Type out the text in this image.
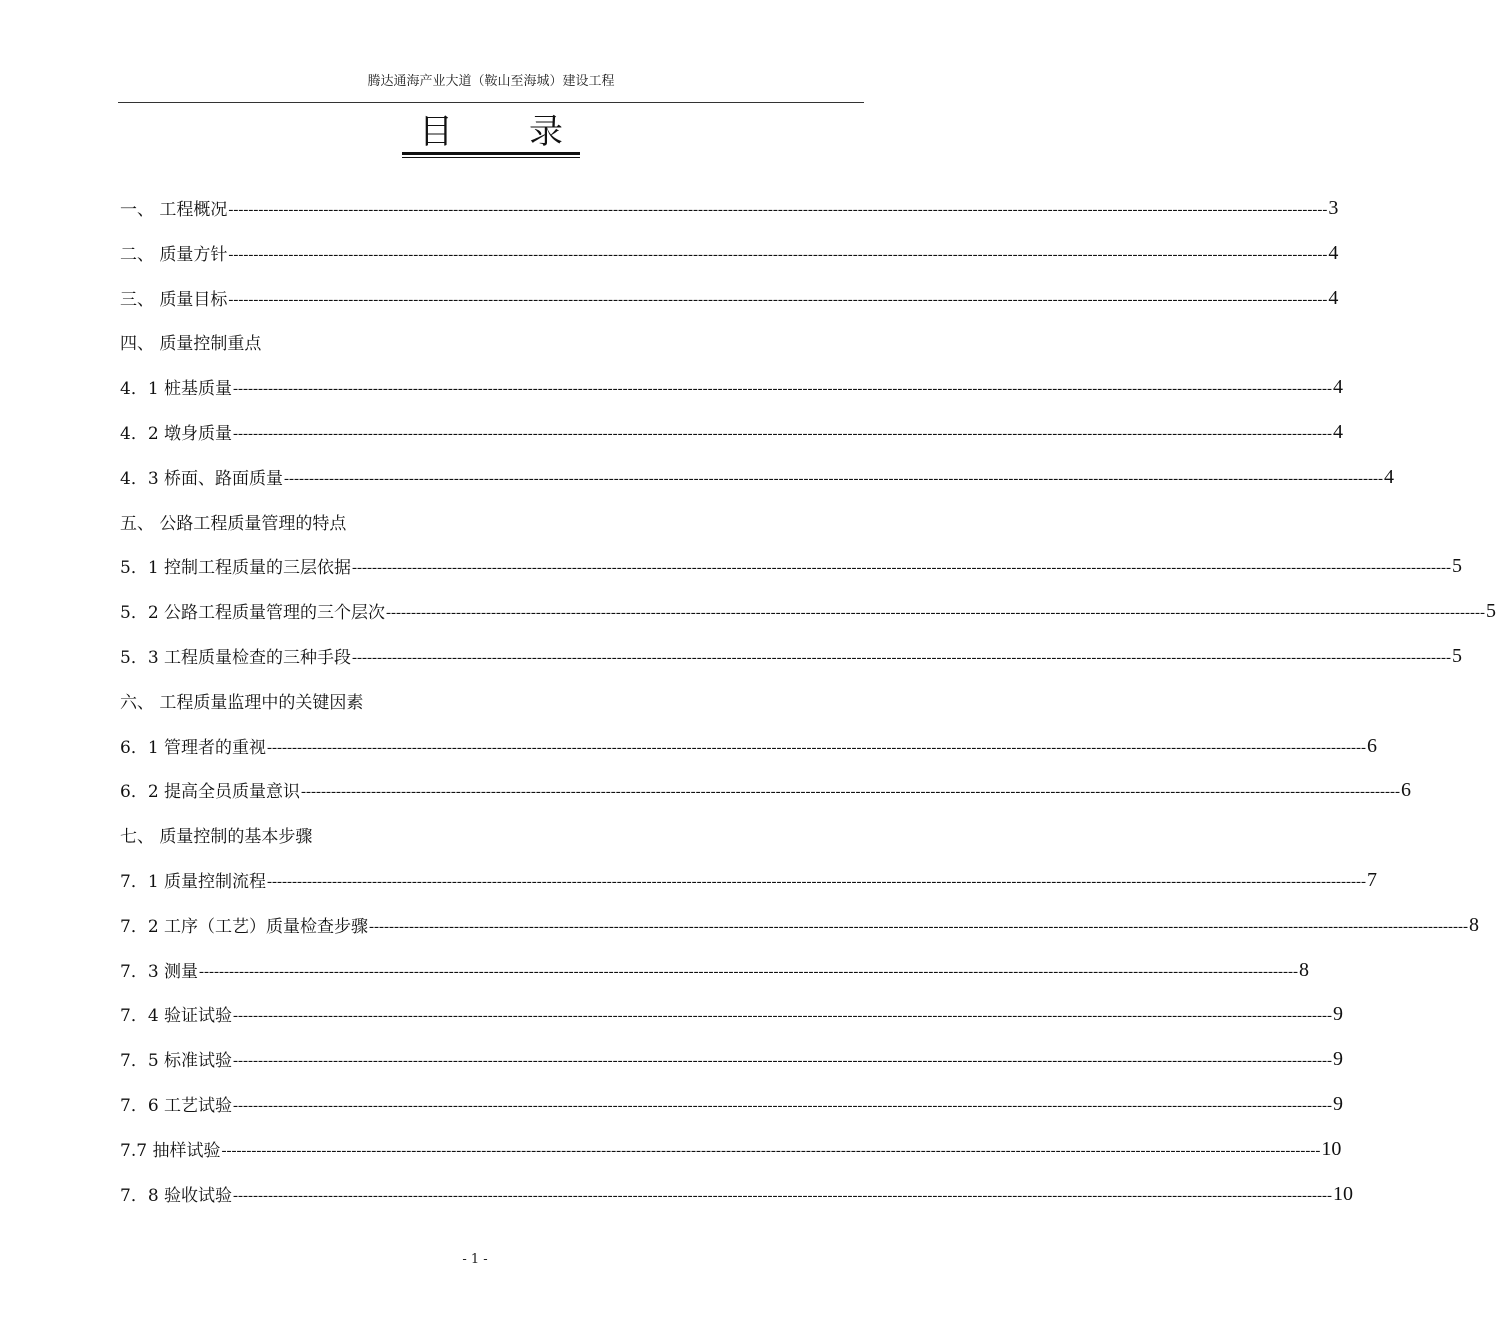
腾达通海产业大道（鞍山至海城）建设工程
目 录
一、 工程概况 ---------------------------------------------------------------------------------------------------------------------------------------------------------------------------------------------------------------------------- 3
二、 质量方针 ---------------------------------------------------------------------------------------------------------------------------------------------------------------------------------------------------------------------------- 4
三、 质量目标 ---------------------------------------------------------------------------------------------------------------------------------------------------------------------------------------------------------------------------- 4
四、 质量控制重点
4．1 桩基质量 ---------------------------------------------------------------------------------------------------------------------------------------------------------------------------------------------------------------------------- 4
4．2 墩身质量 ---------------------------------------------------------------------------------------------------------------------------------------------------------------------------------------------------------------------------- 4
4．3 桥面、路面质量 ---------------------------------------------------------------------------------------------------------------------------------------------------------------------------------------------------------------------------- 4
五、 公路工程质量管理的特点
5．1 控制工程质量的三层依据 ---------------------------------------------------------------------------------------------------------------------------------------------------------------------------------------------------------------------------- 5
5．2 公路工程质量管理的三个层次 ---------------------------------------------------------------------------------------------------------------------------------------------------------------------------------------------------------------------------- 5
5．3 工程质量检查的三种手段 ---------------------------------------------------------------------------------------------------------------------------------------------------------------------------------------------------------------------------- 5
六、 工程质量监理中的关键因素
6．1 管理者的重视 ---------------------------------------------------------------------------------------------------------------------------------------------------------------------------------------------------------------------------- 6
6．2 提高全员质量意识 ---------------------------------------------------------------------------------------------------------------------------------------------------------------------------------------------------------------------------- 6
七、 质量控制的基本步骤
7．1 质量控制流程 ---------------------------------------------------------------------------------------------------------------------------------------------------------------------------------------------------------------------------- 7
7．2 工序（工艺）质量检查步骤 ---------------------------------------------------------------------------------------------------------------------------------------------------------------------------------------------------------------------------- 8
7．3 测量 ---------------------------------------------------------------------------------------------------------------------------------------------------------------------------------------------------------------------------- 8
7．4 验证试验 ---------------------------------------------------------------------------------------------------------------------------------------------------------------------------------------------------------------------------- 9
7．5 标准试验 ---------------------------------------------------------------------------------------------------------------------------------------------------------------------------------------------------------------------------- 9
7．6 工艺试验 ---------------------------------------------------------------------------------------------------------------------------------------------------------------------------------------------------------------------------- 9
7.7 抽样试验 ---------------------------------------------------------------------------------------------------------------------------------------------------------------------------------------------------------------------------- 10
7．8 验收试验 ---------------------------------------------------------------------------------------------------------------------------------------------------------------------------------------------------------------------------- 10
- 1 -
